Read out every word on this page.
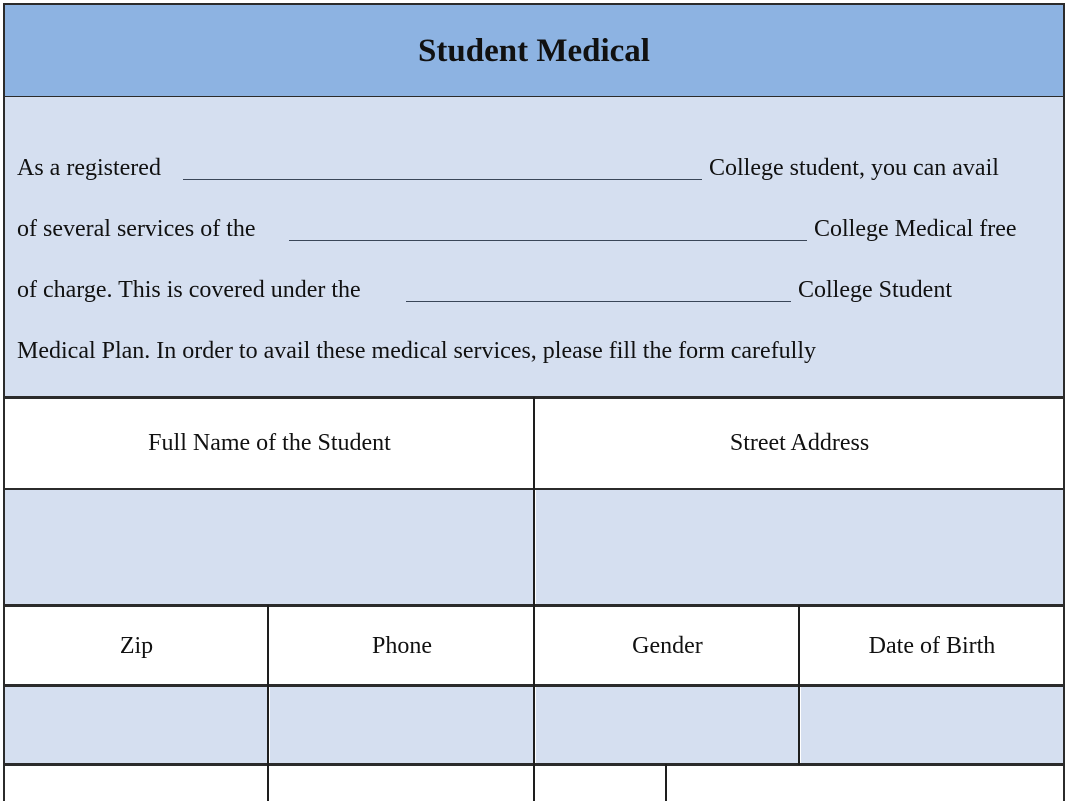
Student Medical
As a registered	College student, you can avail
of several services of the	College Medical free
of charge. This is covered under the	College Student
Medical Plan. In order to avail these medical services, please fill the form carefully
Full Name of the Student	Street Address
Zip	Phone	Gender	Date of Birth
